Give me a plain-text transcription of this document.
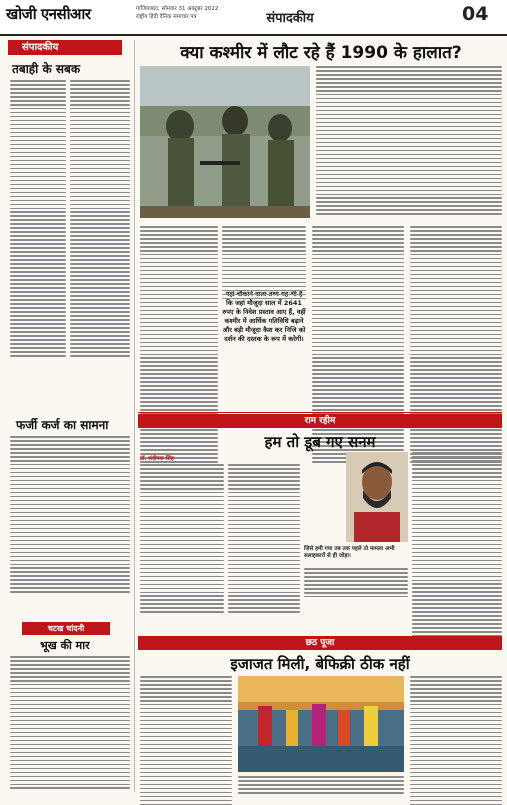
खोजी एनसीआर	गाजियाबाद, सोमवार 31 अक्टूबर 2022
राष्ट्रीय हिंदी दैनिक समाचार पत्र	संपादकीय	04
संपादकीय
तबाही के सबक
फर्जी कर्ज का सामना
चटख चांदनी
भूख की मार
क्या कश्मीर में लौट रहे हैं 1990 के हालात?
कि जहां मौजूदा साल में 2641 रुपए के निवेश प्रस्ताव आए हैं, वहीं कश्मीर में आर्थिक गतिविधि बढ़ाने और बड़ी मौजूदा कैश कर निजि को दर्शन की दस्तक के रूप में करेगी।
राम रहीम
हम तो डूब गए सनम
डॉ. संदीपक सिंह
जिसे हमी गया तब तक पहले तो मामला अभी सलाहकारों से ही जोड़ा।
छठ पूजा
इजाजत मिली, बेफिक्री ठीक नहीं
